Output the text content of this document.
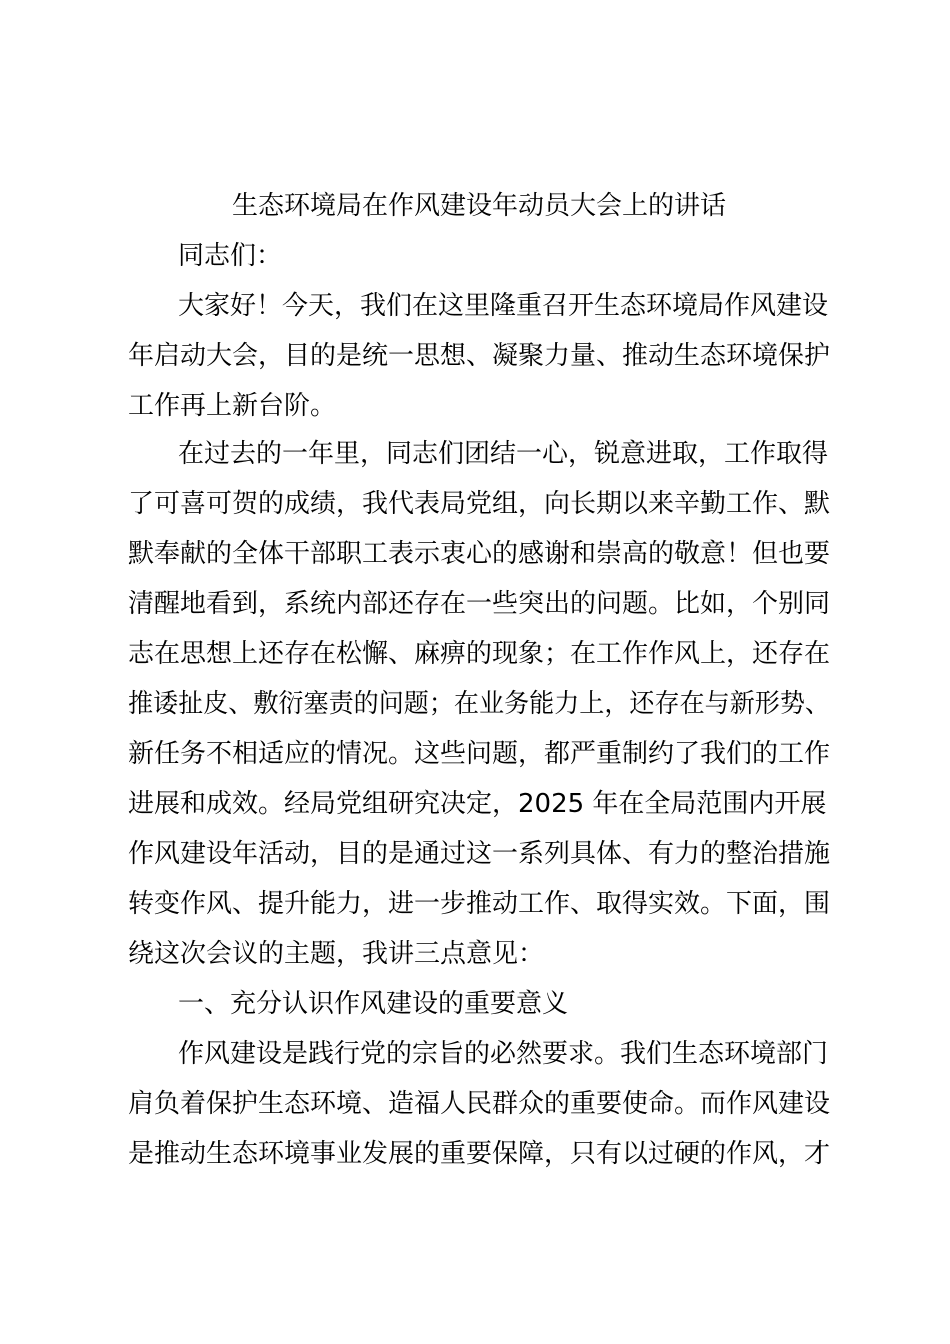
生态环境局在作风建设年动员大会上的讲话
同志们：
大家好！今天，我们在这里隆重召开生态环境局作风建设
年启动大会，目的是统一思想、凝聚力量、推动生态环境保护
工作再上新台阶。
在过去的一年里，同志们团结一心，锐意进取，工作取得
了可喜可贺的成绩，我代表局党组，向长期以来辛勤工作、默
默奉献的全体干部职工表示衷心的感谢和崇高的敬意！但也要
清醒地看到，系统内部还存在一些突出的问题。比如，个别同
志在思想上还存在松懈、麻痹的现象；在工作作风上，还存在
推诿扯皮、敷衍塞责的问题；在业务能力上，还存在与新形势、
新任务不相适应的情况。这些问题，都严重制约了我们的工作
进展和成效。经局党组研究决定，2025 年在全局范围内开展
作风建设年活动，目的是通过这一系列具体、有力的整治措施
转变作风、提升能力，进一步推动工作、取得实效。下面，围
绕这次会议的主题，我讲三点意见：
一、充分认识作风建设的重要意义
作风建设是践行党的宗旨的必然要求。我们生态环境部门
肩负着保护生态环境、造福人民群众的重要使命。而作风建设
是推动生态环境事业发展的重要保障，只有以过硬的作风，才
